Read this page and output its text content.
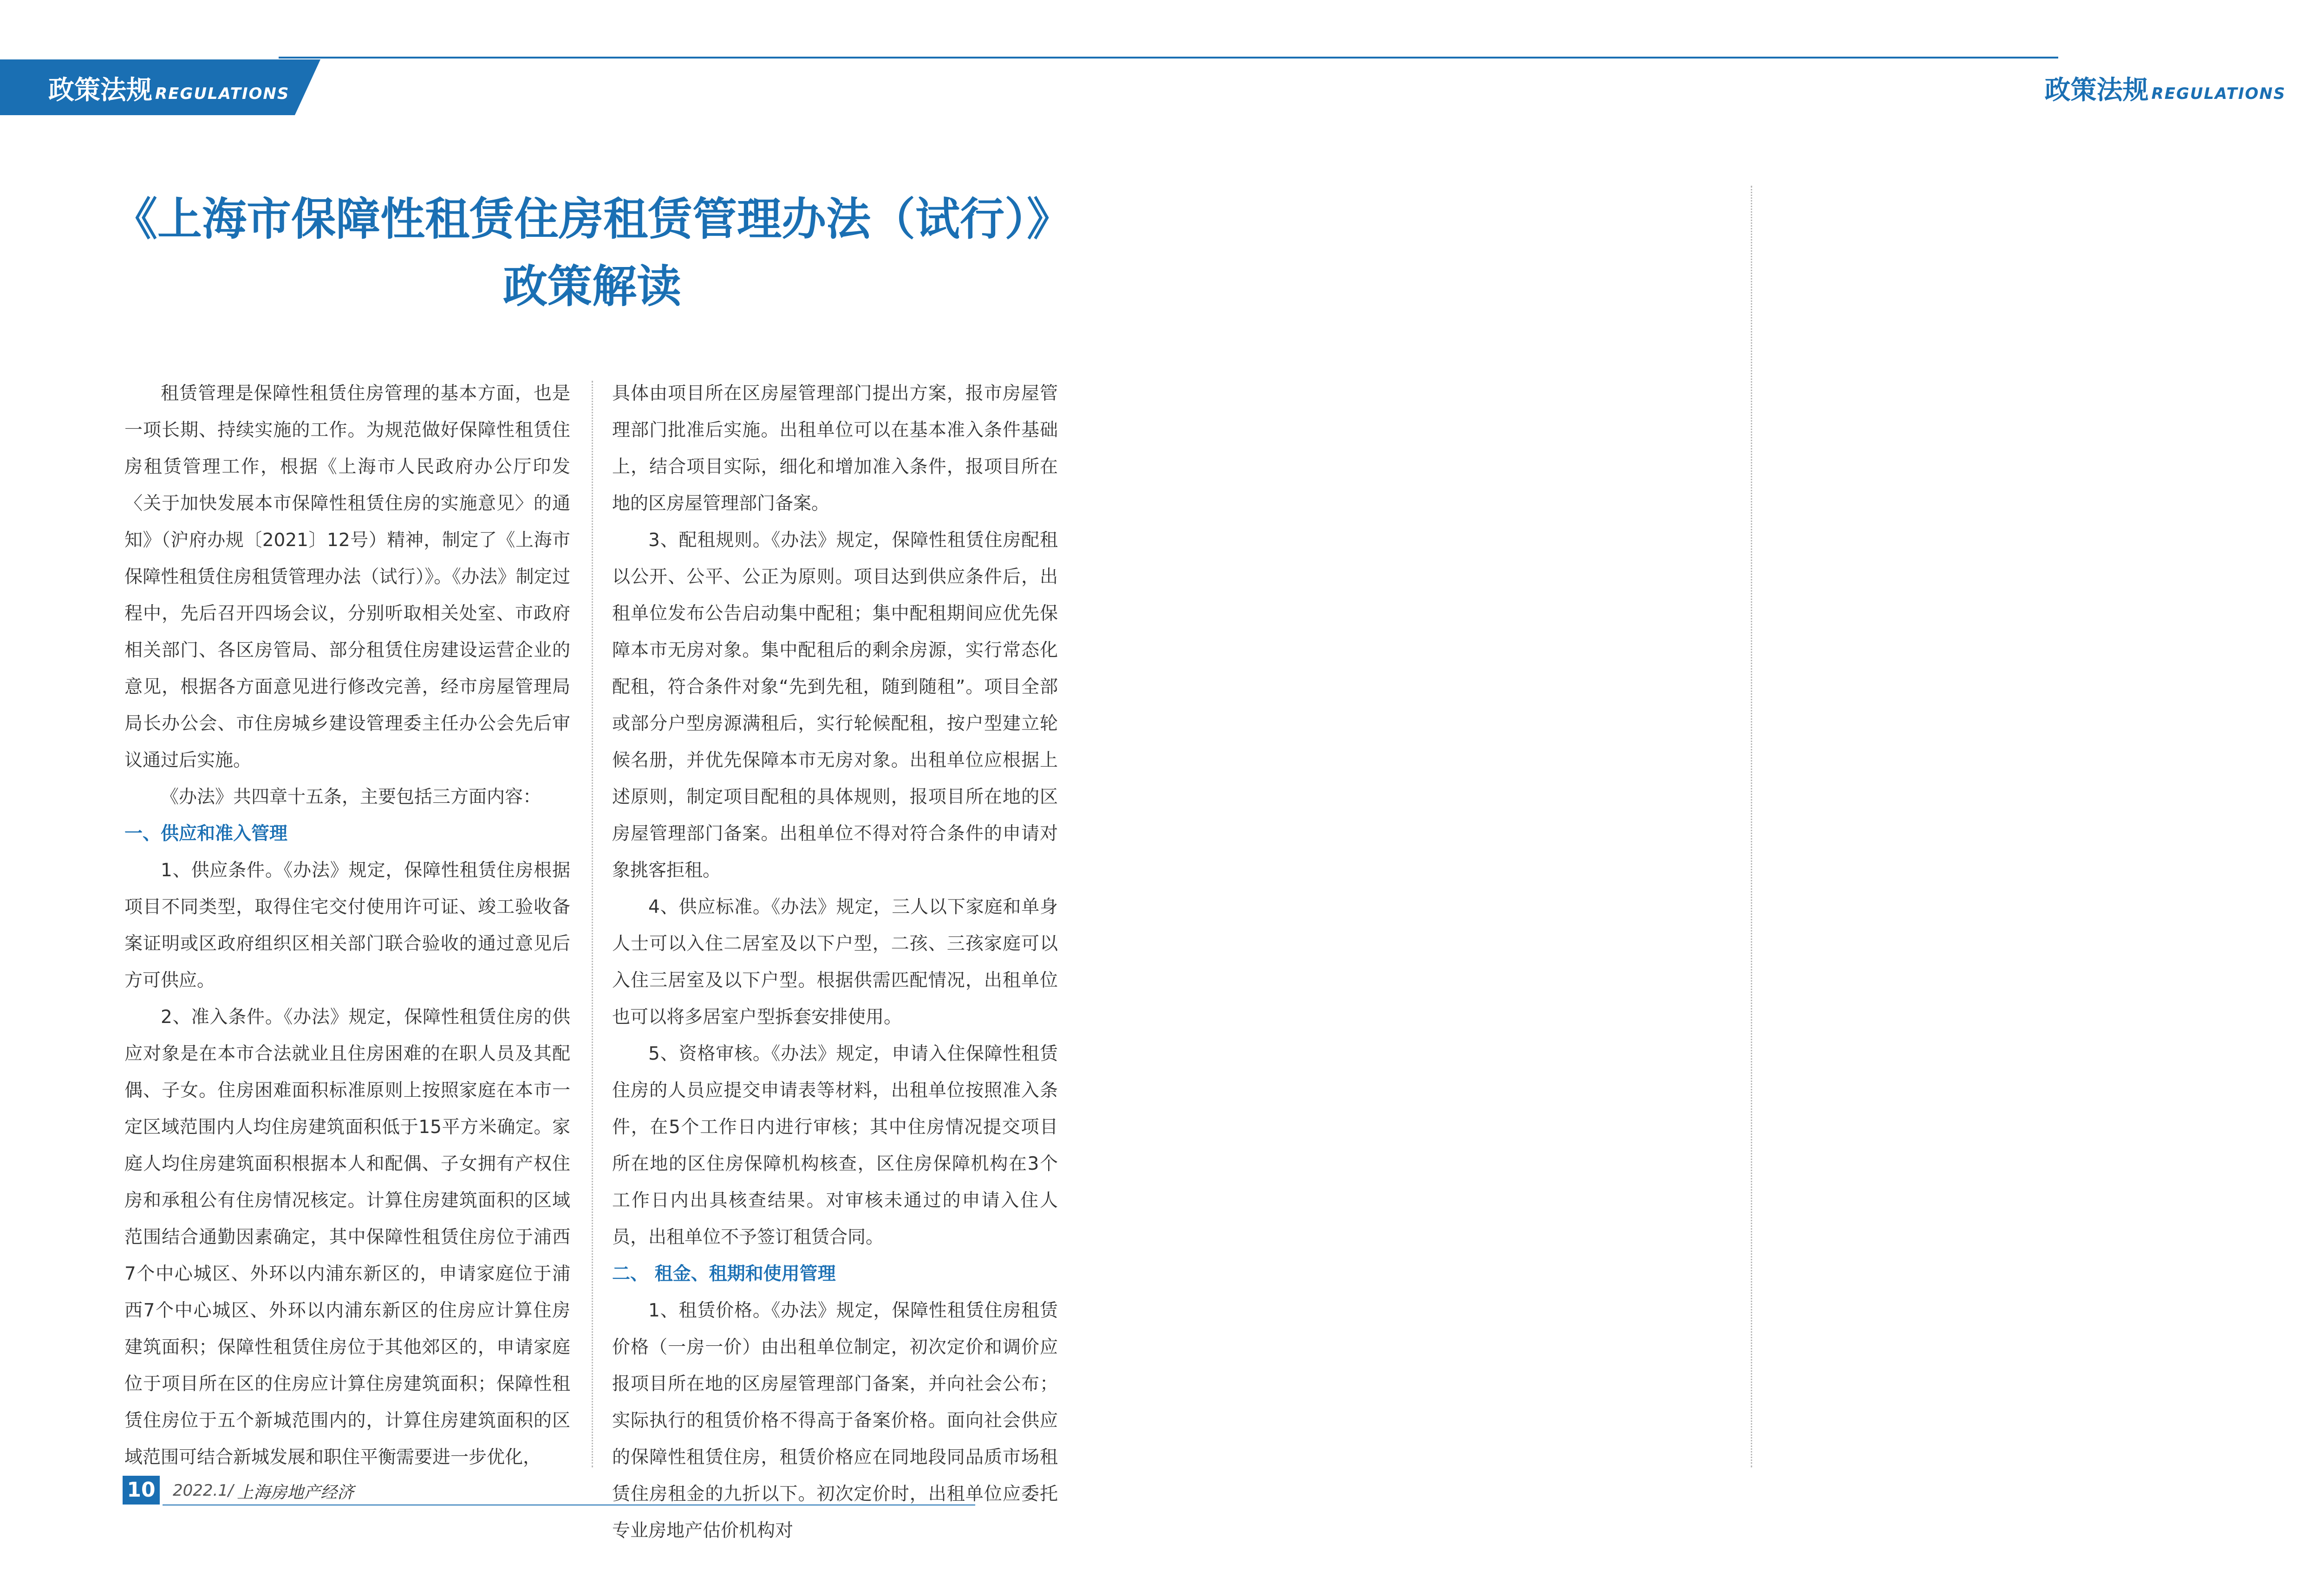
政策法规 REGULATIONS
《上海市保障性租赁住房租赁管理办法（试行）》
政策解读

租赁管理是保障性租赁住房管理的基本方面，也是一项长期、持续实施的工作。为规范做好保障性租赁住房租赁管理工作，根据《上海市人民政府办公厅印发〈关于加快发展本市保障性租赁住房的实施意见〉的通知》（沪府办规〔2021〕12号）精神，制定了《上海市保障性租赁住房租赁管理办法（试行）》。《办法》制定过程中，先后召开四场会议，分别听取相关处室、市政府相关部门、各区房管局、部分租赁住房建设运营企业的意见，根据各方面意见进行修改完善，经市房屋管理局局长办公会、市住房城乡建设管理委主任办公会先后审议通过后实施。

《办法》共四章十五条，主要包括三方面内容：

一、供应和准入管理

1、供应条件。《办法》规定，保障性租赁住房根据项目不同类型，取得住宅交付使用许可证、竣工验收备案证明或区政府组织区相关部门联合验收的通过意见后方可供应。

2、准入条件。《办法》规定，保障性租赁住房的供应对象是在本市合法就业且住房困难的在职人员及其配偶、子女。住房困难面积标准原则上按照家庭在本市一定区域范围内人均住房建筑面积低于15平方米确定。家庭人均住房建筑面积根据本人和配偶、子女拥有产权住房和承租公有住房情况核定。计算住房建筑面积的区域范围结合通勤因素确定，其中保障性租赁住房位于浦西7个中心城区、外环以内浦东新区的，申请家庭位于浦西7个中心城区、外环以内浦东新区的住房应计算住房建筑面积；保障性租赁住房位于其他郊区的，申请家庭位于项目所在区的住房应计算住房建筑面积；保障性租赁住房位于五个新城范围内的，计算住房建筑面积的区域范围可结合新城发展和职住平衡需要进一步优化，

具体由项目所在区房屋管理部门提出方案，报市房屋管理部门批准后实施。出租单位可以在基本准入条件基础上，结合项目实际，细化和增加准入条件，报项目所在地的区房屋管理部门备案。

3、配租规则。《办法》规定，保障性租赁住房配租以公开、公平、公正为原则。项目达到供应条件后，出租单位发布公告启动集中配租；集中配租期间应优先保障本市无房对象。集中配租后的剩余房源，实行常态化配租，符合条件对象“先到先租，随到随租”。项目全部或部分户型房源满租后，实行轮候配租，按户型建立轮候名册，并优先保障本市无房对象。出租单位应根据上述原则，制定项目配租的具体规则，报项目所在地的区房屋管理部门备案。出租单位不得对符合条件的申请对象挑客拒租。

4、供应标准。《办法》规定，三人以下家庭和单身人士可以入住二居室及以下户型，二孩、三孩家庭可以入住三居室及以下户型。根据供需匹配情况，出租单位也可以将多居室户型拆套安排使用。

5、资格审核。《办法》规定，申请入住保障性租赁住房的人员应提交申请表等材料，出租单位按照准入条件，在5个工作日内进行审核；其中住房情况提交项目所在地的区住房保障机构核查，区住房保障机构在3个工作日内出具核查结果。对审核未通过的申请入住人员，出租单位不予签订租赁合同。

二、 租金、租期和使用管理

1、租赁价格。《办法》规定，保障性租赁住房租赁价格（一房一价）由出租单位制定，初次定价和调价应报项目所在地的区房屋管理部门备案，并向社会公布；实际执行的租赁价格不得高于备案价格。面向社会供应的保障性租赁住房，租赁价格应在同地段同品质市场租赁住房租金的九折以下。初次定价时，出租单位应委托专业房地产估价机构对

10 2022.1/ 上海房地产经济
政策法规 REGULATIONS
